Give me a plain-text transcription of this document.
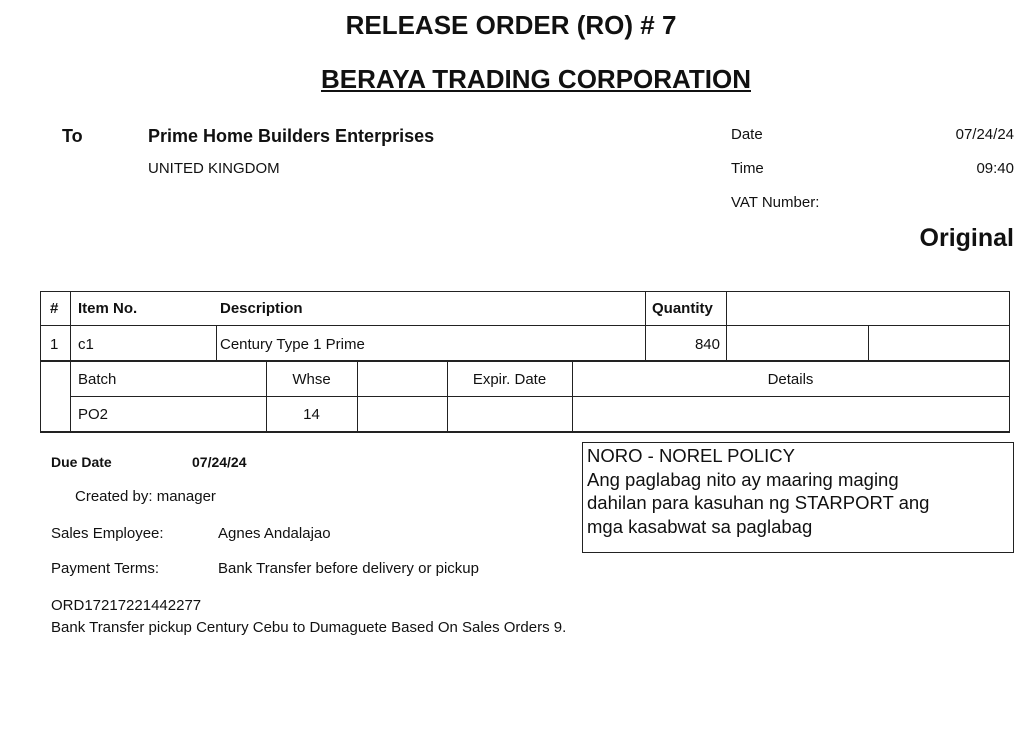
RELEASE ORDER (RO) # 7
BERAYA TRADING CORPORATION
To	Prime Home Builders Enterprises
UNITED KINGDOM
Date	07/24/24
Time	09:40
VAT Number:
Original
# Item No.	Description	Quantity
1 c1	Century Type 1 Prime	840
Batch	Whse	Expir. Date	Details
PO2	14
Due Date	07/24/24
Created by: manager
Sales Employee:	Agnes Andalajao
Payment Terms:	Bank Transfer before delivery or pickup
ORD17217221442277
Bank Transfer pickup Century Cebu to Dumaguete Based On Sales Orders 9.
NORO - NOREL POLICY
Ang paglabag nito ay maaring maging
dahilan para kasuhan ng STARPORT ang
mga kasabwat sa paglabag
